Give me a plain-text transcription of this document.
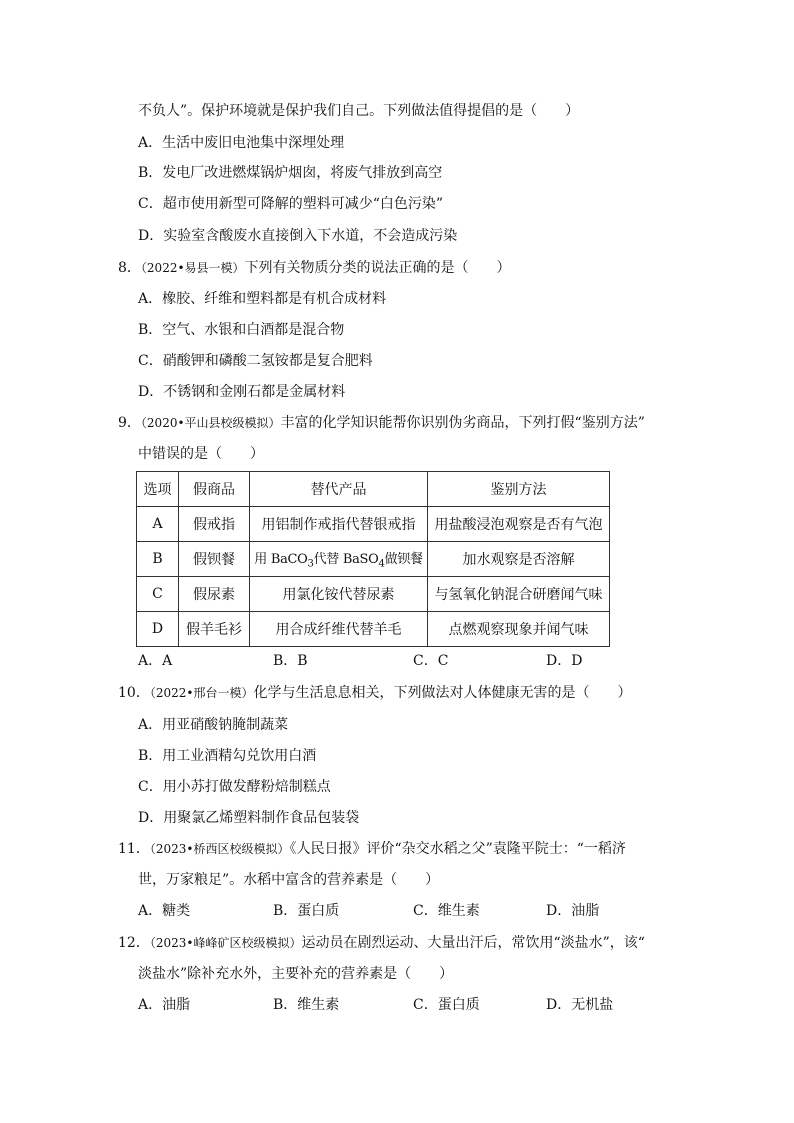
不负人”。保护环境就是保护我们自己。下列做法值得提倡的是（　　）
A．生活中废旧电池集中深埋处理
B．发电厂改进燃煤锅炉烟囱，将废气排放到高空
C．超市使用新型可降解的塑料可减少“白色污染”
D．实验室含酸废水直接倒入下水道，不会造成污染
8．（2022•易县一模）下列有关物质分类的说法正确的是（　　）
A．橡胶、纤维和塑料都是有机合成材料
B．空气、水银和白酒都是混合物
C．硝酸钾和磷酸二氢铵都是复合肥料
D．不锈钢和金刚石都是金属材料
9．（2020•平山县校级模拟）丰富的化学知识能帮你识别伪劣商品，下列打假“鉴别方法”
中错误的是（　　）
选项	假商品	替代产品	鉴别方法
A	假戒指	用铝制作戒指代替银戒指	用盐酸浸泡观察是否有气泡
B	假钡餐	用 BaCO$_3$代替 BaSO$_4$做钡餐	加水观察是否溶解
C	假尿素	用氯化铵代替尿素	与氢氧化钠混合研磨闻气味
D	假羊毛衫	用合成纤维代替羊毛	点燃观察现象并闻气味
A．A	B．B	C．C	D．D
10．（2022•邢台一模）化学与生活息息相关，下列做法对人体健康无害的是（　　）
A．用亚硝酸钠腌制蔬菜
B．用工业酒精勾兑饮用白酒
C．用小苏打做发酵粉焙制糕点
D．用聚氯乙烯塑料制作食品包装袋
11．（2023•桥西区校级模拟）《人民日报》评价“杂交水稻之父”袁隆平院士：“一稻济
世，万家粮足”。水稻中富含的营养素是（　　）
A．糖类	B．蛋白质	C．维生素	D．油脂
12．（2023•峰峰矿区校级模拟）运动员在剧烈运动、大量出汗后，常饮用“淡盐水”，该“
淡盐水”除补充水外，主要补充的营养素是（　　）
A．油脂	B．维生素	C．蛋白质	D．无机盐
